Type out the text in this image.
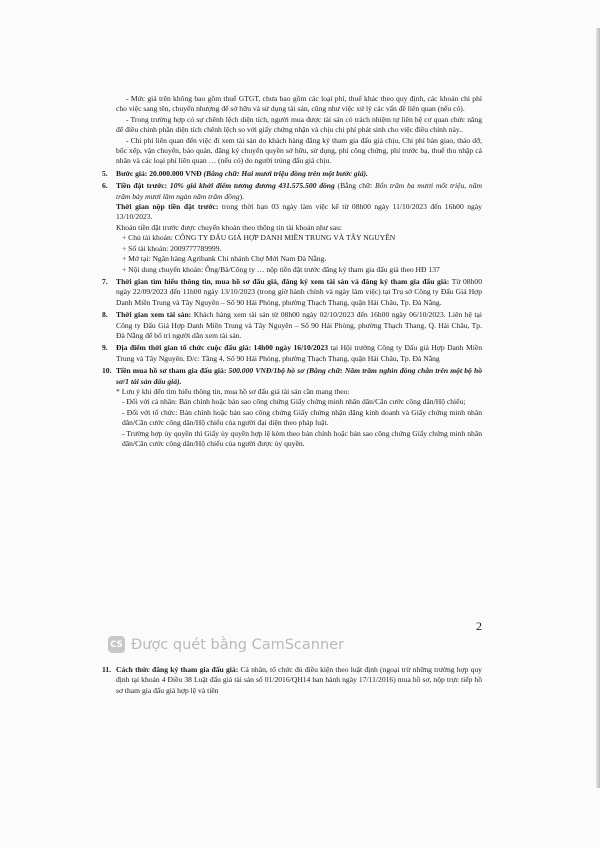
- Mức giá trên không bao gồm thuế GTGT, chưa bao gồm các loại phí, thuế khác theo quy định, các khoản chi phí cho việc sang tên, chuyển nhượng để sở hữu và sử dụng tài sản, cũng như việc xử lý các vấn đề liên quan (nếu có).

- Trong trường hợp có sự chênh lệch diện tích, người mua được tài sản có trách nhiệm tự liên hệ cơ quan chức năng để điều chỉnh phần diện tích chênh lệch so với giấy chứng nhận và chịu chi phí phát sinh cho việc điều chỉnh này..

- Chi phí liên quan đến việc đi xem tài sản do khách hàng đăng ký tham gia đấu giá chịu, Chi phí bàn giao, tháo dỡ, bốc xếp, vận chuyển, bảo quản, đăng ký chuyển quyền sở hữu, sử dụng, phí công chứng, phí trước bạ, thuế thu nhập cá nhân và các loại phí liên quan … (nếu có) do người trúng đấu giá chịu.

5.	Bước giá: 20.000.000 VNĐ (Bằng chữ: Hai mươi triệu đồng trên một bước giá).

6.	Tiền đặt trước: 10% giá khởi điểm tương đương 431.575.500 đồng (Bằng chữ: Bốn trăm ba mươi mốt triệu, năm trăm bảy mươi lăm ngàn năm trăm đồng).

Thời gian nộp tiền đặt trước: trong thời hạn 03 ngày làm việc kể từ 08h00 ngày 11/10/2023 đến 16h00 ngày 13/10/2023.

Khoản tiền đặt trước được chuyển khoản theo thông tin tài khoản như sau:

+ Chủ tài khoản: CÔNG TY ĐẤU GIÁ HỢP DANH MIỀN TRUNG VÀ TÂY NGUYÊN

+ Số tài khoản: 2009777789999.

+ Mở tại: Ngân hàng Agribank Chi nhánh Chợ Mới Nam Đà Nẵng.

+ Nội dung chuyển khoản: Ông/Bà/Công ty … nộp tiền đặt trước đăng ký tham gia đấu giá theo HĐ 137

7.	Thời gian tìm hiểu thông tin, mua hồ sơ đấu giá, đăng ký xem tài sản và đăng ký tham gia đấu giá: Từ 08h00 ngày 22/09/2023 đến 11h00 ngày 13/10/2023 (trong giờ hành chính và ngày làm việc) tại Trụ sở Công ty Đấu Giá Hợp Danh Miền Trung và Tây Nguyên – Số 90 Hải Phòng, phường Thạch Thang, quận Hải Châu, Tp. Đà Nẵng.

8.	Thời gian xem tài sản: Khách hàng xem tài sản từ 08h00 ngày 02/10/2023 đến 16h00 ngày 06/10/2023. Liên hệ tại Công ty Đấu Giá Hợp Danh Miền Trung và Tây Nguyên – Số 90 Hải Phòng, phường Thạch Thang, Q. Hải Châu, Tp. Đà Nẵng để bố trí người dẫn xem tài sản.

9.	Địa điểm thời gian tổ chức cuộc đấu giá: 14h00 ngày 16/10/2023 tại Hội trường Công ty Đấu giá Hợp Danh Miền Trung và Tây Nguyên. Đ/c: Tầng 4, Số 90 Hải Phòng, phường Thạch Thang, quận Hải Châu, Tp. Đà Nẵng

10. Tiền mua hồ sơ tham gia đấu giá: 500.000 VNĐ/1bộ hồ sơ (Bằng chữ: Năm trăm nghìn đồng chẵn trên một bộ hồ sơ/1 tài sản đấu giá).

* Lưu ý khi đến tìm hiểu thông tin, mua hồ sơ đấu giá tài sản cần mang theo:

- Đối với cá nhân: Bản chính hoặc bản sao công chứng Giấy chứng minh nhân dân/Căn cước công dân/Hộ chiếu;

- Đối với tổ chức: Bản chính hoặc bản sao công chứng Giấy chứng nhận đăng kinh doanh và Giấy chứng minh nhân dân/Căn cước công dân/Hộ chiếu của người đại diện theo pháp luật.

- Trường hợp ủy quyền thì Giấy ủy quyền hợp lệ kèm theo bản chính hoặc bản sao công chứng Giấy chứng minh nhân dân/Căn cước công dân/Hộ chiếu của người được ủy quyền.

2
CS Được quét bằng CamScanner
11. Cách thức đăng ký tham gia đấu giá: Cá nhân, tổ chức đủ điều kiện theo luật định (ngoại trừ những trường hợp quy định tại khoản 4 Điều 38 Luật đấu giá tài sản số 01/2016/QH14 ban hành ngày 17/11/2016) mua hồ sơ, nộp trực tiếp hồ sơ tham gia đấu giá hợp lệ và tiền
